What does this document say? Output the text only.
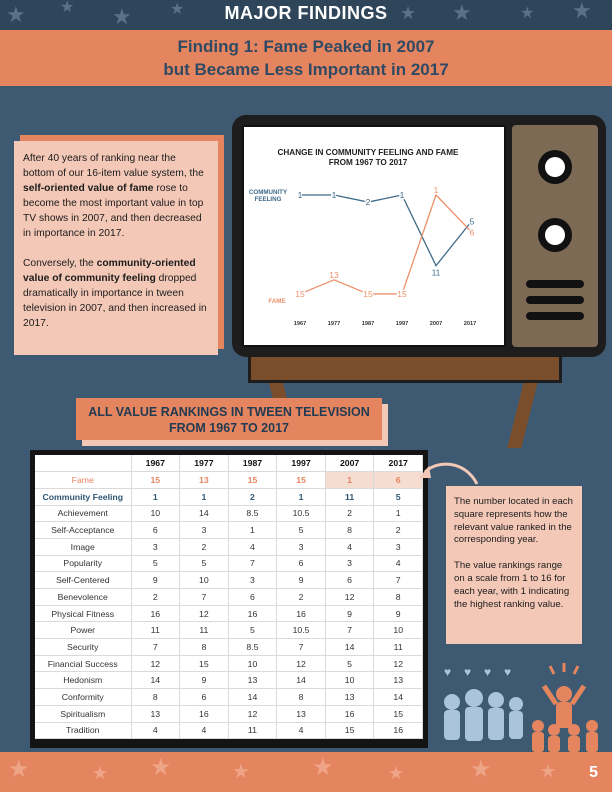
★ ★ ★ ★	★ ★	★ ★
MAJOR FINDINGS
Finding 1: Fame Peaked in 2007
but Became Less Important in 2017

After 40 years of ranking near the bottom of our 16-item value system, the self-oriented value of fame rose to become the most important value in top TV shows in 2007, and then decreased in importance in 2017.

Conversely, the community-oriented value of community feeling dropped dramatically in importance in tween television in 2007, and then increased in 2017.

CHANGE IN COMMUNITY FEELING AND FAME
FROM 1967 TO 2017
COMMUNITY
FEELING
FAME
1967	1977	1987	1997	2007	2017
1	1
2
1
11
5
15
13
15	15
1
6
ALL VALUE RANKINGS IN TWEEN TELEVISION
FROM 1967 TO 2017
	1967	1977	1987	1997	2007	2017
Fame	15	13	15	15	1	6
Community Feeling	1	1	2	1	11	5
Achievement	10	14	8.5	10.5	2	1
Self-Acceptance	6	3	1	5	8	2
Image	3	2	4	3	4	3
Popularity	5	5	7	6	3	4
Self-Centered	9	10	3	9	6	7
Benevolence	2	7	6	2	12	8
Physical Fitness	16	12	16	16	9	9
Power	11	11	5	10.5	7	10
Security	7	8	8.5	7	14	11
Financial Success	12	15	10	12	5	12
Hedonism	14	9	13	14	10	13
Conformity	8	6	14	8	13	14
Spiritualism	13	16	12	13	16	15
Tradition	4	4	11	4	15	16

The number located in each square represents how the relevant value ranked in the corresponding year.

The value rankings range on a scale from 1 to 16 for each year, with 1 indicating the highest ranking value.

♥ ♥ ♥ ♥
★	★ ★	★	★	★	★	★ 5
